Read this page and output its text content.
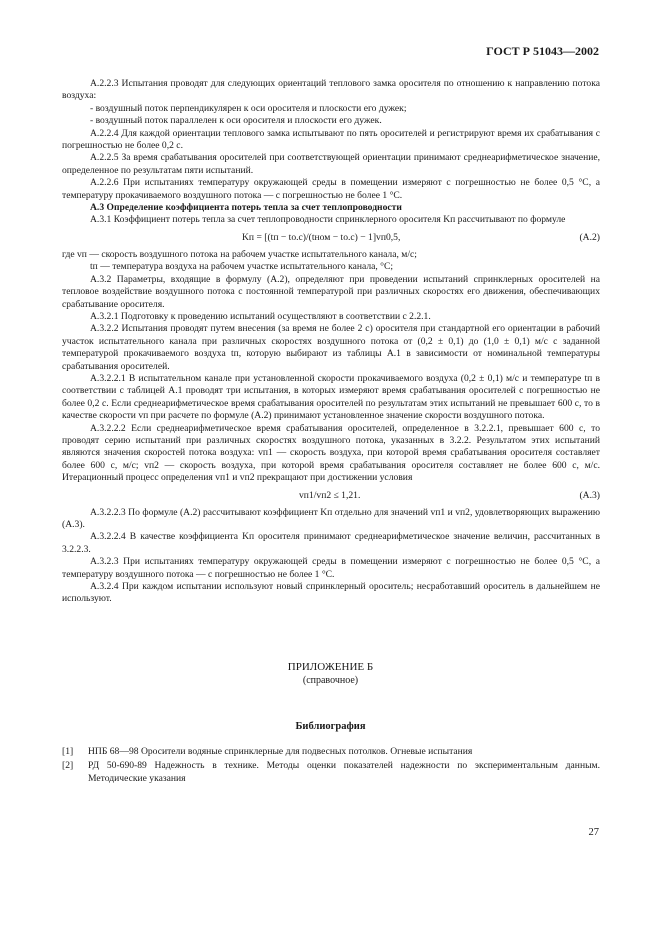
ГОСТ Р 51043—2002

А.2.2.3 Испытания проводят для следующих ориентаций теплового замка оросителя по отношению к направлению потока воздуха:

- воздушный поток перпендикулярен к оси оросителя и плоскости его дужек;

- воздушный поток параллелен к оси оросителя и плоскости его дужек.

А.2.2.4 Для каждой ориентации теплового замка испытывают по пять оросителей и регистрируют время их срабатывания с погрешностью не более 0,2 с.

А.2.2.5 За время срабатывания оросителей при соответствующей ориентации принимают среднеарифметическое значение, определенное по результатам пяти испытаний.

А.2.2.6 При испытаниях температуру окружающей среды в помещении измеряют с погрешностью не более 0,5 °С, а температуру прокачиваемого воздушного потока — с погрешностью не более 1 °С.

А.3 Определение коэффициента потерь тепла за счет теплопроводности

А.3.1 Коэффициент потерь тепла за счет теплопроводности спринклерного оросителя Kп рассчитывают по формуле

Kп = [(tп − tо.с)/(tном − tо.с) − 1]vп0,5,	(А.2)

где vп — скорость воздушного потока на рабочем участке испытательного канала, м/с;

tп — температура воздуха на рабочем участке испытательного канала, °С;

А.3.2 Параметры, входящие в формулу (А.2), определяют при проведении испытаний спринклерных оросителей на тепловое воздействие воздушного потока с постоянной температурой при различных скоростях его движения, обеспечивающих срабатывание оросителя.

А.3.2.1 Подготовку к проведению испытаний осуществляют в соответствии с 2.2.1.

А.3.2.2 Испытания проводят путем внесения (за время не более 2 с) оросителя при стандартной его ориентации в рабочий участок испытательного канала при различных скоростях воздушного потока от (0,2 ± 0,1) до (1,0 ± 0,1) м/с с заданной температурой прокачиваемого воздуха tп, которую выбирают из таблицы А.1 в зависимости от номинальной температуры срабатывания оросителей.

А.3.2.2.1 В испытательном канале при установленной скорости прокачиваемого воздуха (0,2 ± 0,1) м/с и температуре tп в соответствии с таблицей А.1 проводят три испытания, в которых измеряют время срабатывания оросителей с погрешностью не более 0,2 с. Если среднеарифметическое время срабатывания оросителей по результатам этих испытаний не превышает 600 с, то в качестве скорости vп при расчете по формуле (А.2) принимают установленное значение скорости воздушного потока.

А.3.2.2.2 Если среднеарифметическое время срабатывания оросителей, определенное в 3.2.2.1, превышает 600 с, то проводят серию испытаний при различных скоростях воздушного потока, указанных в 3.2.2. Результатом этих испытаний являются значения скоростей потока воздуха: vп1 — скорость воздуха, при которой время срабатывания оросителя составляет более 600 с, м/с; vп2 — скорость воздуха, при которой время срабатывания оросителя составляет не более 600 с, м/с. Итерационный процесс определения vп1 и vп2 прекращают при достижении условия

vп1/vп2 ≤ 1,21.	(А.3)

А.3.2.2.3 По формуле (А.2) рассчитывают коэффициент Kп отдельно для значений vп1 и vп2, удовлетворяющих выражению (А.3).

А.3.2.2.4 В качестве коэффициента Kп оросителя принимают среднеарифметическое значение величин, рассчитанных в 3.2.2.3.

А.3.2.3 При испытаниях температуру окружающей среды в помещении измеряют с погрешностью не более 0,5 °С, а температуру воздушного потока — с погрешностью не более 1 °С.

А.3.2.4 При каждом испытании используют новый спринклерный ороситель; несработавший ороситель в дальнейшем не используют.

ПРИЛОЖЕНИЕ Б
(справочное)
Библиография
[1] НПБ 68—98 Оросители водяные спринклерные для подвесных потолков. Огневые испытания
[2] РД 50-690-89 Надежность в технике. Методы оценки показателей надежности по экспериментальным данным. Методические указания
27
